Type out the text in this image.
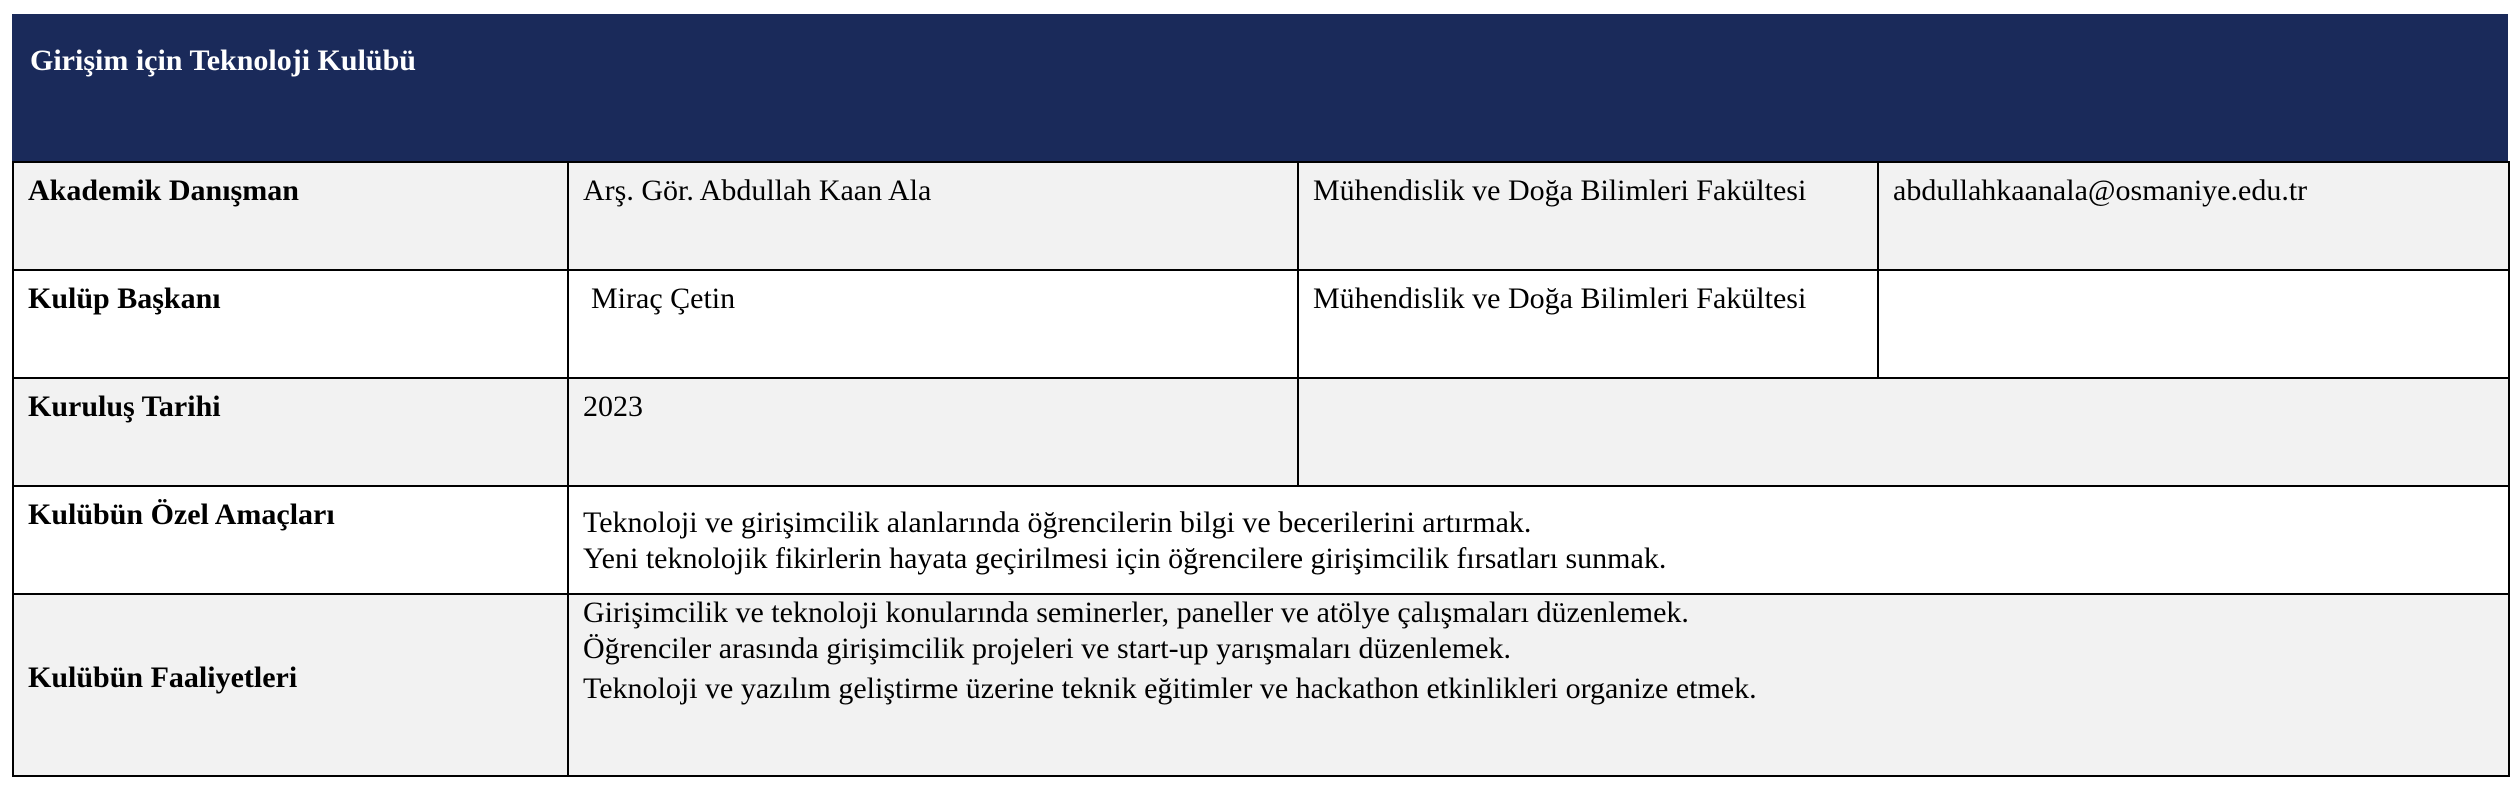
Girişim için Teknoloji Kulübü
Akademik Danışman	Arş. Gör. Abdullah Kaan Ala	Mühendislik ve Doğa Bilimleri Fakültesi	abdullahkaanala@osmaniye.edu.tr
Kulüp Başkanı	Miraç Çetin	Mühendislik ve Doğa Bilimleri Fakültesi	
Kuruluş Tarihi	2023		
Kulübün Özel Amaçları	Teknoloji ve girişimcilik alanlarında öğrencilerin bilgi ve becerilerini artırmak.
Yeni teknolojik fikirlerin hayata geçirilmesi için öğrencilere girişimcilik fırsatları sunmak.		

Kulübün Faaliyetleri	Girişimcilik ve teknoloji konularında seminerler, paneller ve atölye çalışmaları düzenlemek.
Öğrenciler arasında girişimcilik projeleri ve start-up yarışmaları düzenlemek.
Teknoloji ve yazılım geliştirme üzerine teknik eğitimler ve hackathon etkinlikleri organize etmek.		
